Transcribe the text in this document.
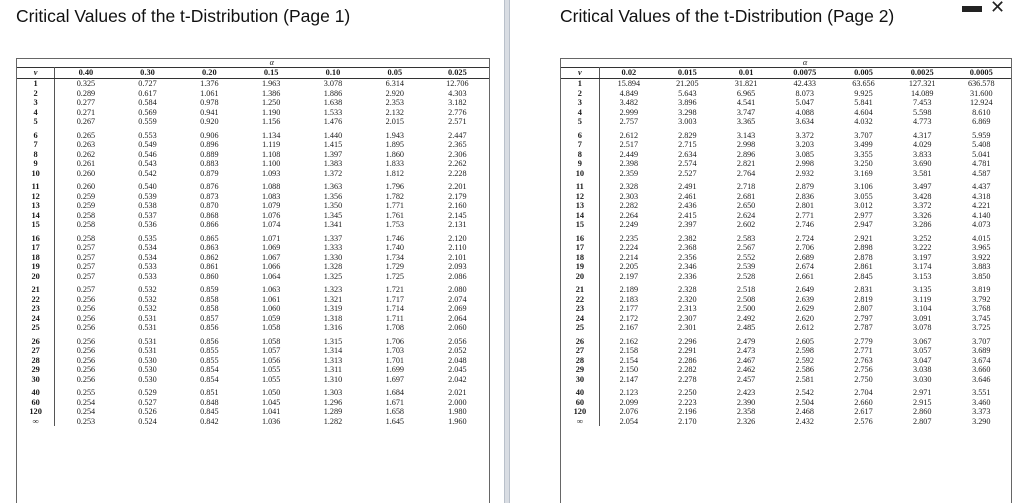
Critical Values of the t-Distribution (Page 1)
	α						
v	0.40	0.30	0.20	0.15	0.10	0.05	0.025
1	0.325	0.727	1.376	1.963	3.078	6.314	12.706
2	0.289	0.617	1.061	1.386	1.886	2.920	4.303
3	0.277	0.584	0.978	1.250	1.638	2.353	3.182
4	0.271	0.569	0.941	1.190	1.533	2.132	2.776
5	0.267	0.559	0.920	1.156	1.476	2.015	2.571
6	0.265	0.553	0.906	1.134	1.440	1.943	2.447
7	0.263	0.549	0.896	1.119	1.415	1.895	2.365
8	0.262	0.546	0.889	1.108	1.397	1.860	2.306
9	0.261	0.543	0.883	1.100	1.383	1.833	2.262
10	0.260	0.542	0.879	1.093	1.372	1.812	2.228
11	0.260	0.540	0.876	1.088	1.363	1.796	2.201
12	0.259	0.539	0.873	1.083	1.356	1.782	2.179
13	0.259	0.538	0.870	1.079	1.350	1.771	2.160
14	0.258	0.537	0.868	1.076	1.345	1.761	2.145
15	0.258	0.536	0.866	1.074	1.341	1.753	2.131
16	0.258	0.535	0.865	1.071	1.337	1.746	2.120
17	0.257	0.534	0.863	1.069	1.333	1.740	2.110
18	0.257	0.534	0.862	1.067	1.330	1.734	2.101
19	0.257	0.533	0.861	1.066	1.328	1.729	2.093
20	0.257	0.533	0.860	1.064	1.325	1.725	2.086
21	0.257	0.532	0.859	1.063	1.323	1.721	2.080
22	0.256	0.532	0.858	1.061	1.321	1.717	2.074
23	0.256	0.532	0.858	1.060	1.319	1.714	2.069
24	0.256	0.531	0.857	1.059	1.318	1.711	2.064
25	0.256	0.531	0.856	1.058	1.316	1.708	2.060
26	0.256	0.531	0.856	1.058	1.315	1.706	2.056
27	0.256	0.531	0.855	1.057	1.314	1.703	2.052
28	0.256	0.530	0.855	1.056	1.313	1.701	2.048
29	0.256	0.530	0.854	1.055	1.311	1.699	2.045
30	0.256	0.530	0.854	1.055	1.310	1.697	2.042
40	0.255	0.529	0.851	1.050	1.303	1.684	2.021
60	0.254	0.527	0.848	1.045	1.296	1.671	2.000
120	0.254	0.526	0.845	1.041	1.289	1.658	1.980
∞	0.253	0.524	0.842	1.036	1.282	1.645	1.960
▬ ✕
Critical Values of the t-Distribution (Page 2)
	α						
v	0.02	0.015	0.01	0.0075	0.005	0.0025	0.0005
1	15.894	21.205	31.821	42.433	63.656	127.321	636.578
2	4.849	5.643	6.965	8.073	9.925	14.089	31.600
3	3.482	3.896	4.541	5.047	5.841	7.453	12.924
4	2.999	3.298	3.747	4.088	4.604	5.598	8.610
5	2.757	3.003	3.365	3.634	4.032	4.773	6.869
6	2.612	2.829	3.143	3.372	3.707	4.317	5.959
7	2.517	2.715	2.998	3.203	3.499	4.029	5.408
8	2.449	2.634	2.896	3.085	3.355	3.833	5.041
9	2.398	2.574	2.821	2.998	3.250	3.690	4.781
10	2.359	2.527	2.764	2.932	3.169	3.581	4.587
11	2.328	2.491	2.718	2.879	3.106	3.497	4.437
12	2.303	2.461	2.681	2.836	3.055	3.428	4.318
13	2.282	2.436	2.650	2.801	3.012	3.372	4.221
14	2.264	2.415	2.624	2.771	2.977	3.326	4.140
15	2.249	2.397	2.602	2.746	2.947	3.286	4.073
16	2.235	2.382	2.583	2.724	2.921	3.252	4.015
17	2.224	2.368	2.567	2.706	2.898	3.222	3.965
18	2.214	2.356	2.552	2.689	2.878	3.197	3.922
19	2.205	2.346	2.539	2.674	2.861	3.174	3.883
20	2.197	2.336	2.528	2.661	2.845	3.153	3.850
21	2.189	2.328	2.518	2.649	2.831	3.135	3.819
22	2.183	2.320	2.508	2.639	2.819	3.119	3.792
23	2.177	2.313	2.500	2.629	2.807	3.104	3.768
24	2.172	2.307	2.492	2.620	2.797	3.091	3.745
25	2.167	2.301	2.485	2.612	2.787	3.078	3.725
26	2.162	2.296	2.479	2.605	2.779	3.067	3.707
27	2.158	2.291	2.473	2.598	2.771	3.057	3.689
28	2.154	2.286	2.467	2.592	2.763	3.047	3.674
29	2.150	2.282	2.462	2.586	2.756	3.038	3.660
30	2.147	2.278	2.457	2.581	2.750	3.030	3.646
40	2.123	2.250	2.423	2.542	2.704	2.971	3.551
60	2.099	2.223	2.390	2.504	2.660	2.915	3.460
120	2.076	2.196	2.358	2.468	2.617	2.860	3.373
∞	2.054	2.170	2.326	2.432	2.576	2.807	3.290
